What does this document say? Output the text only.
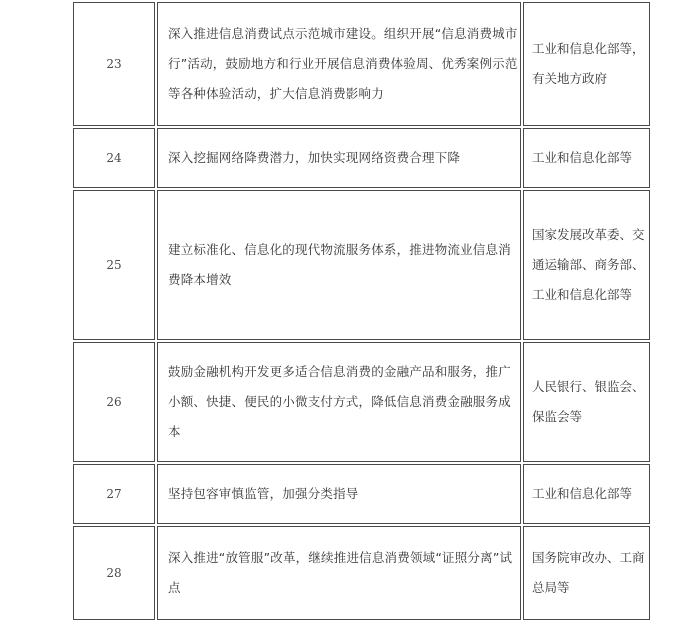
23	深入推进信息消费试点示范城市建设。组织开展“信息消费城市行”活动，鼓励地方和行业开展信息消费体验周、优秀案例示范等各种体验活动，扩大信息消费影响力	工业和信息化部等，有关地方政府
24	深入挖掘网络降费潜力，加快实现网络资费合理下降	工业和信息化部等
25	建立标准化、信息化的现代物流服务体系，推进物流业信息消费降本增效	国家发展改革委、交通运输部、商务部、工业和信息化部等
26	鼓励金融机构开发更多适合信息消费的金融产品和服务，推广小额、快捷、便民的小微支付方式，降低信息消费金融服务成本	人民银行、银监会、保监会等
27	坚持包容审慎监管，加强分类指导	工业和信息化部等
28	深入推进“放管服”改革，继续推进信息消费领域“证照分离”试点	国务院审改办、工商总局等
